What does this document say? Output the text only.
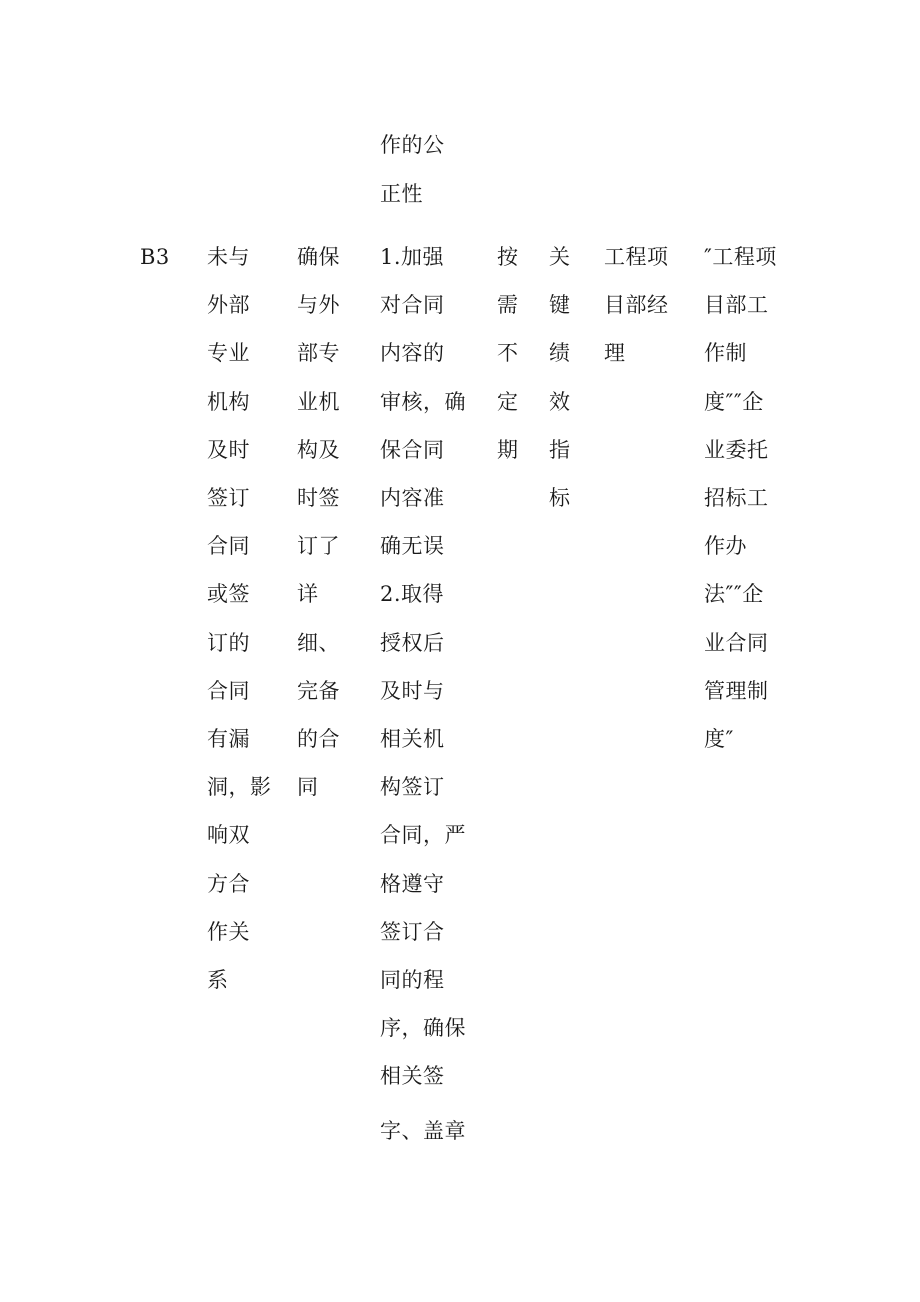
作的公
正性
B3 未与
外部
专业
机构
及时
签订
合同
或签
订的
合同
有漏
洞，影
响双
方合
作关
系
确保
与外
部专
业机
构及
时签
订了
详
细、
完备
的合
同
1.加强
对合同
内容的
审核，确
保合同
内容准
确无误
2.取得
授权后
及时与
相关机
构签订
合同，严
格遵守
签订合
同的程
序，确保
相关签
字、盖章
按
需
不
定
期
关
键
绩
效
指
标
工程项
目部经
理
″工程项
目部工
作制
度″″企
业委托
招标工
作办
法″″企
业合同
管理制
度″
